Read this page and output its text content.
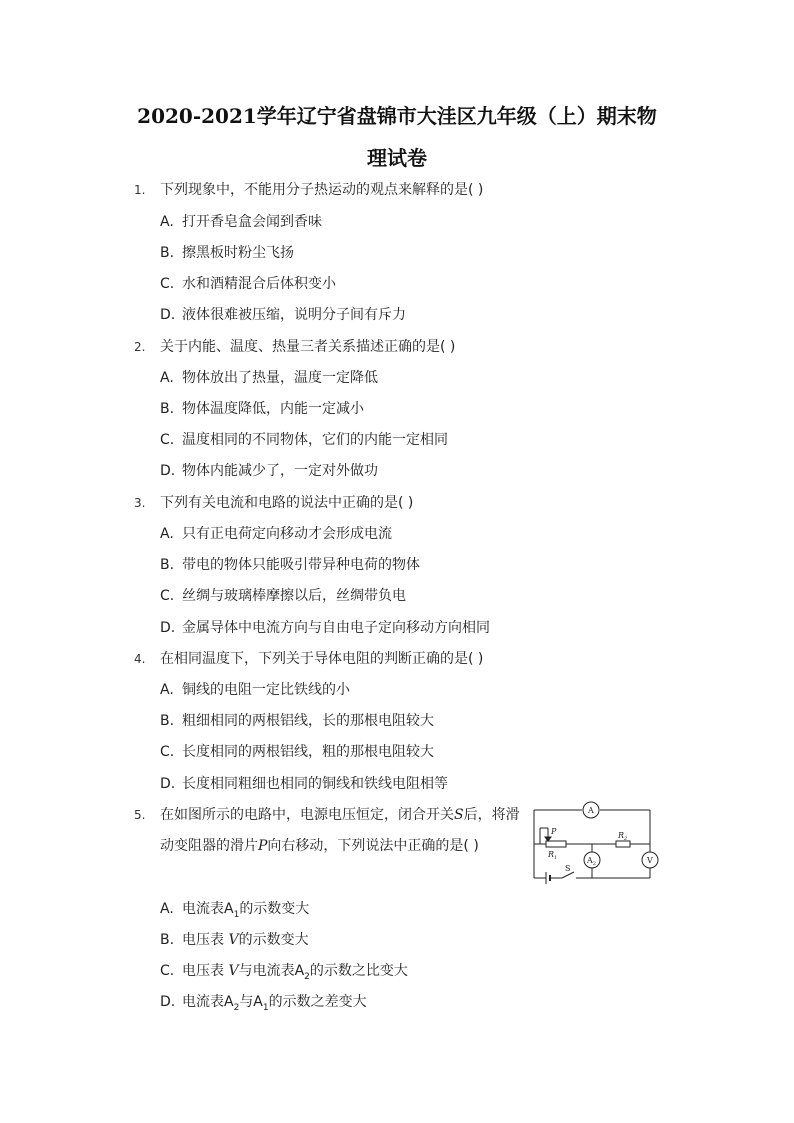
2020-2021学年辽宁省盘锦市大洼区九年级（上）期末物
理试卷
1. 下列现象中，不能用分子热运动的观点来解释的是( )
A. 打开香皂盒会闻到香味
B. 擦黑板时粉尘飞扬
C. 水和酒精混合后体积变小
D. 液体很难被压缩，说明分子间有斥力
2. 关于内能、温度、热量三者关系描述正确的是( )
A. 物体放出了热量，温度一定降低
B. 物体温度降低，内能一定减小
C. 温度相同的不同物体，它们的内能一定相同
D. 物体内能减少了，一定对外做功
3. 下列有关电流和电路的说法中正确的是( )
A. 只有正电荷定向移动才会形成电流
B. 带电的物体只能吸引带异种电荷的物体
C. 丝绸与玻璃棒摩擦以后，丝绸带负电
D. 金属导体中电流方向与自由电子定向移动方向相同
4. 在相同温度下，下列关于导体电阻的判断正确的是( )
A. 铜线的电阻一定比铁线的小
B. 粗细相同的两根铝线，长的那根电阻较大
C. 长度相同的两根铝线，粗的那根电阻较大
D. 长度相同粗细也相同的铜线和铁线电阻相等
5. 在如图所示的电路中，电源电压恒定，闭合开关S后，将滑
动变阻器的滑片P向右移动，下列说法中正确的是( )
A. 电流表$A_1$的示数变大
B. 电压表 V的示数变大
C. 电压表 V与电流表$A_2$的示数之比变大
D. 电流表$A_2$与$A_1$的示数之差变大
A
$A_2$	V
P
$R_1$
$R_2$
S
